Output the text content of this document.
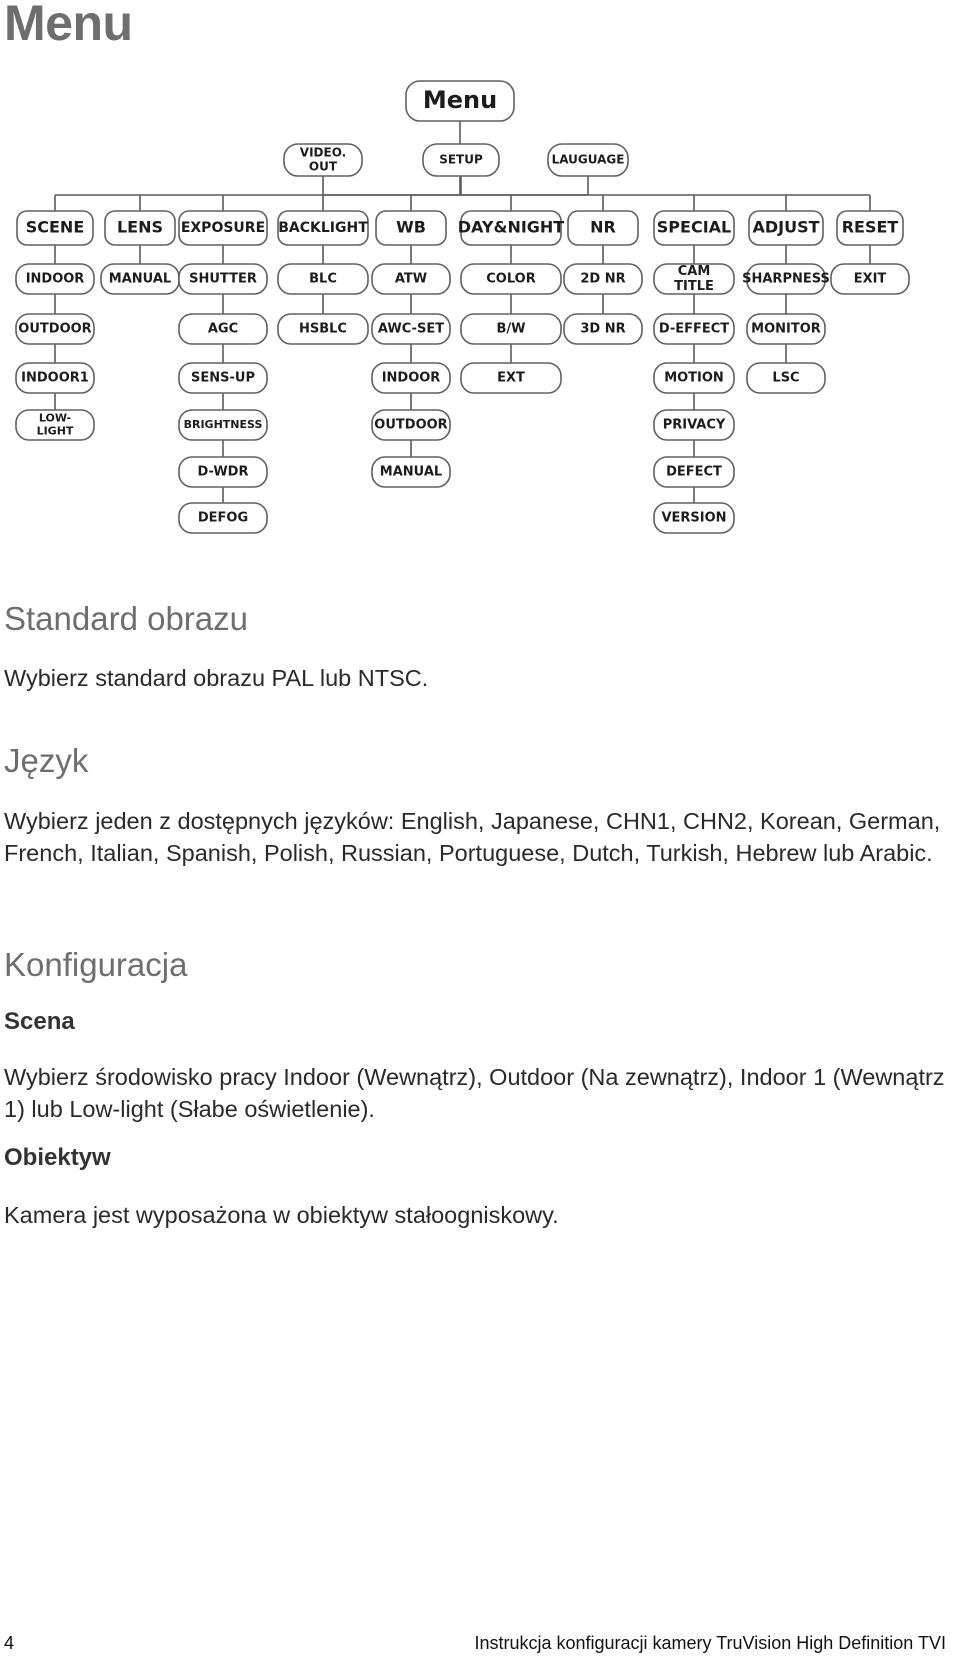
Menu
Menu
VIDEO.
OUT	SETUP	LAUGUAGE
SCENE
INDOOR
OUTDOOR
INDOOR1
LOW-
LIGHT
LENS
MANUAL
EXPOSURE
SHUTTER
AGC
SENS-UP
BRIGHTNESS
D-WDR
DEFOG
BACKLIGHT
BLC
HSBLC
WB
ATW
AWC-SET
INDOOR
OUTDOOR
MANUAL
DAY&NIGHT
COLOR
B/W
EXT
NR
2D NR
3D NR
SPECIAL
CAM
TITLE
D-EFFECT
MOTION
PRIVACY
DEFECT
VERSION
ADJUST
SHARPNESS
MONITOR
LSC
RESET
EXIT
Standard obrazu
Wybierz standard obrazu PAL lub NTSC.
Język
Wybierz jeden z dostępnych języków: English, Japanese, CHN1, CHN2, Korean, German, French, Italian, Spanish, Polish, Russian, Portuguese, Dutch, Turkish, Hebrew lub Arabic.
Konfiguracja
Scena
Wybierz środowisko pracy Indoor (Wewnątrz), Outdoor (Na zewnątrz), Indoor 1 (Wewnątrz 1) lub Low-light (Słabe oświetlenie).
Obiektyw
Kamera jest wyposażona w obiektyw stałoogniskowy.
4	Instrukcja konfiguracji kamery TruVision High Definition TVI
